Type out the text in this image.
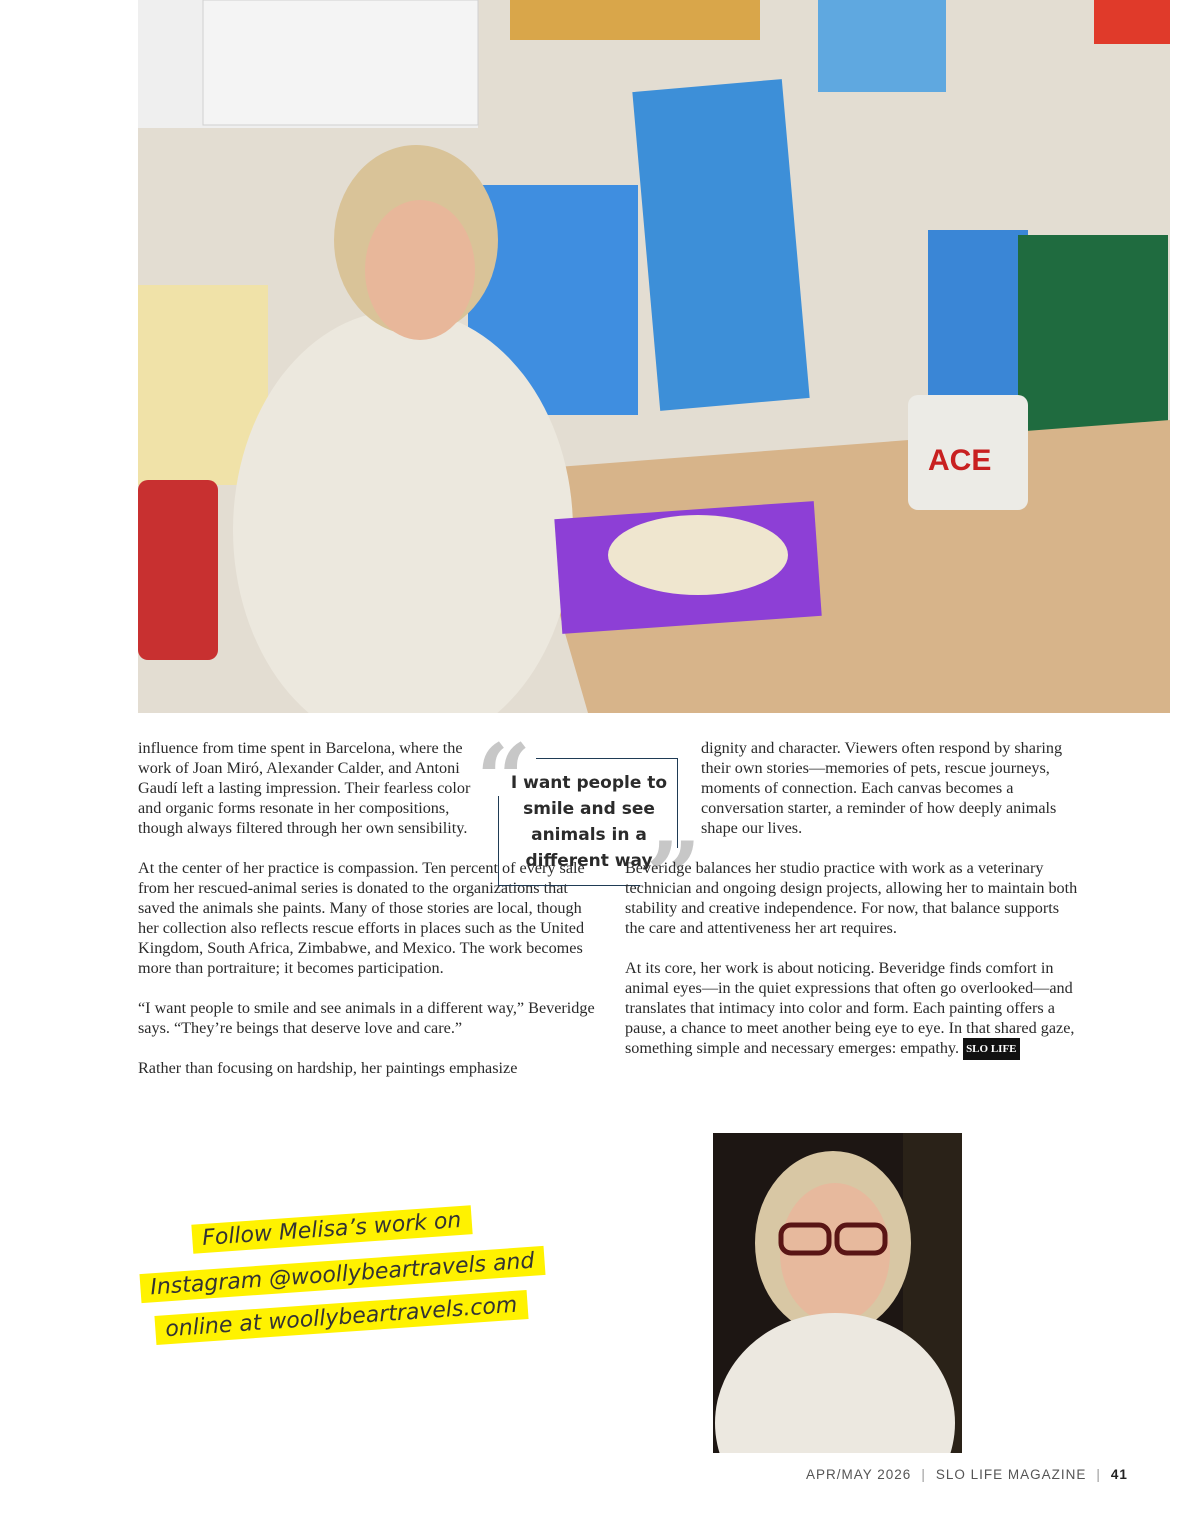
ACE

influence from time spent in Barcelona, where the work of Joan Miró, Alexander Calder, and Antoni Gaudí left a lasting impression. Their fearless color and organic forms resonate in her compositions, though always filtered through her own sensibility.

At the center of her practice is compassion. Ten percent of every sale from her rescued-animal series is donated to the organizations that saved the animals she paints. Many of those stories are local, though her collection also reflects rescue efforts in places such as the United Kingdom, South Africa, Zimbabwe, and Mexico. The work becomes more than portraiture; it becomes participation.

“I want people to smile and see animals in a different way,” Beveridge says. “They’re beings that deserve love and care.”

Rather than focusing on hardship, her paintings emphasize

“
”
I want people to smile and see animals in a different way

dignity and character. Viewers often respond by sharing their own stories—memories of pets, rescue journeys, moments of connection. Each canvas becomes a conversation starter, a reminder of how deeply animals shape our lives.

Beveridge balances her studio practice with work as a veterinary technician and ongoing design projects, allowing her to maintain both stability and creative independence. For now, that balance supports the care and attentiveness her art requires.

At its core, her work is about noticing. Beveridge finds comfort in animal eyes—in the quiet expressions that often go overlooked—and translates that intimacy into color and form. Each painting offers a pause, a chance to meet another being eye to eye. In that shared gaze, something simple and necessary emerges: empathy. SLO LIFE

Follow Melisa’s work on
Instagram @woollybeartravels and
online at woollybeartravels.com
APR/MAY 2026 | SLO LIFE MAGAZINE | 41
